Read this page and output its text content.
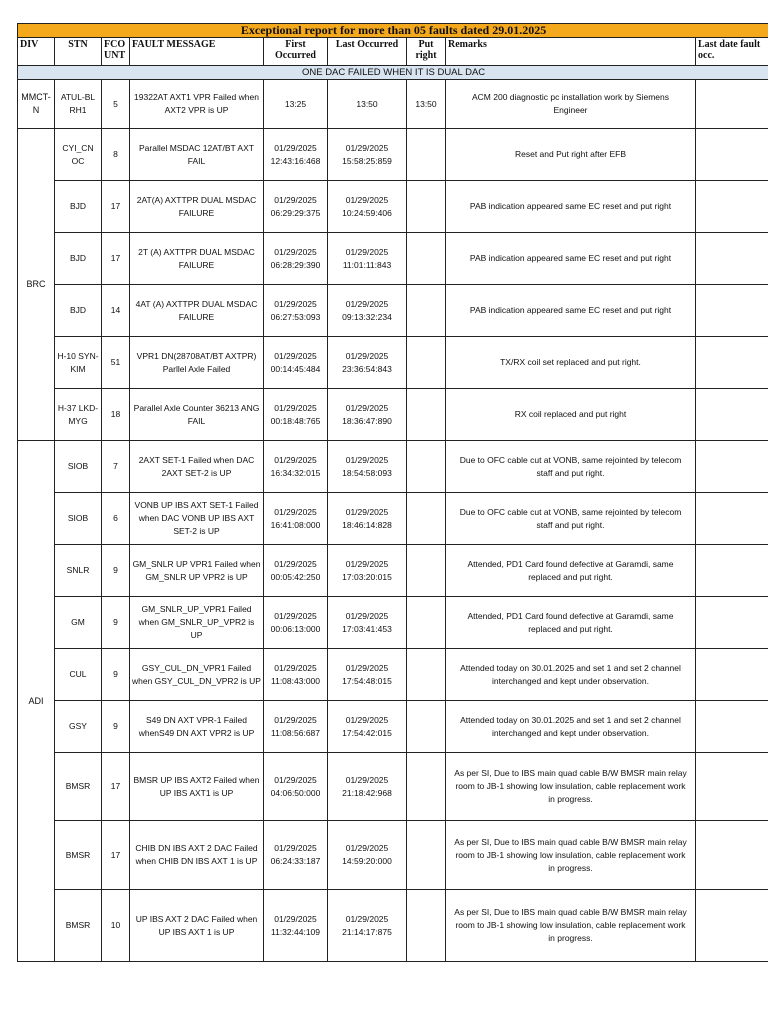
Exceptional report for more than 05 faults dated 29.01.2025								
DIV	STN	FCO UNT	FAULT MESSAGE	First Occurred	Last Occurred	Put right	Remarks	Last date fault occ.
ONE DAC FAILED WHEN IT IS DUAL DAC								
MMCT-N	ATUL-BL RH1	5	19322AT AXT1 VPR Failed when AXT2 VPR is UP	13:25	13:50	13:50	ACM 200 diagnostic pc installation work by Siemens Engineer	
BRC	CYI_CN OC	8	Parallel MSDAC 12AT/BT AXT FAIL	01/29/2025 12:43:16:468	01/29/2025 15:58:25:859		Reset and Put right after EFB	
	BJD	17	2AT(A) AXTTPR DUAL MSDAC FAILURE	01/29/2025 06:29:29:375	01/29/2025 10:24:59:406		PAB indication appeared same EC reset and put right	
	BJD	17	2T (A) AXTTPR DUAL MSDAC FAILURE	01/29/2025 06:28:29:390	01/29/2025 11:01:11:843		PAB indication appeared same EC reset and put right	
	BJD	14	4AT (A) AXTTPR DUAL MSDAC FAILURE	01/29/2025 06:27:53:093	01/29/2025 09:13:32:234		PAB indication appeared same EC reset and put right	
	H-10 SYN-KIM	51	VPR1 DN(28708AT/BT AXTPR) Parllel Axle Failed	01/29/2025 00:14:45:484	01/29/2025 23:36:54:843		TX/RX coil set replaced and put right.	
	H-37 LKD-MYG	18	Parallel Axle Counter 36213 ANG FAIL	01/29/2025 00:18:48:765	01/29/2025 18:36:47:890		RX coil replaced and put right	
ADI	SIOB	7	2AXT SET-1 Failed when DAC 2AXT SET-2 is UP	01/29/2025 16:34:32:015	01/29/2025 18:54:58:093		Due to OFC cable cut at VONB, same rejointed by telecom staff and put right.	
	SIOB	6	VONB UP IBS AXT SET-1 Failed when DAC VONB UP IBS AXT SET-2 is UP	01/29/2025 16:41:08:000	01/29/2025 18:46:14:828		Due to OFC cable cut at VONB, same rejointed by telecom staff and put right.	
	SNLR	9	GM_SNLR UP VPR1 Failed when GM_SNLR UP VPR2 is UP	01/29/2025 00:05:42:250	01/29/2025 17:03:20:015		Attended, PD1 Card found defective at Garamdi, same replaced and put right.	
	GM	9	GM_SNLR_UP_VPR1 Failed when GM_SNLR_UP_VPR2 is UP	01/29/2025 00:06:13:000	01/29/2025 17:03:41:453		Attended, PD1 Card found defective at Garamdi, same replaced and put right.	
	CUL	9	GSY_CUL_DN_VPR1 Failed when GSY_CUL_DN_VPR2 is UP	01/29/2025 11:08:43:000	01/29/2025 17:54:48:015		Attended today on 30.01.2025 and set 1 and set 2 channel interchanged and kept under observation.	
	GSY	9	S49 DN AXT VPR-1 Failed whenS49 DN AXT VPR2 is UP	01/29/2025 11:08:56:687	01/29/2025 17:54:42:015		Attended today on 30.01.2025 and set 1 and set 2 channel interchanged and kept under observation.	
	BMSR	17	BMSR UP IBS AXT2 Failed when UP IBS AXT1 is UP	01/29/2025 04:06:50:000	01/29/2025 21:18:42:968		As per SI, Due to IBS main quad cable B/W BMSR main relay room to JB-1 showing low insulation, cable replacement work in progress.	
	BMSR	17	CHIB DN IBS AXT 2 DAC Failed when CHIB DN IBS AXT 1 is UP	01/29/2025 06:24:33:187	01/29/2025 14:59:20:000		As per SI, Due to IBS main quad cable B/W BMSR main relay room to JB-1 showing low insulation, cable replacement work in progress.	
	BMSR	10	UP IBS AXT 2 DAC Failed when UP IBS AXT 1 is UP	01/29/2025 11:32:44:109	01/29/2025 21:14:17:875		As per SI, Due to IBS main quad cable B/W BMSR main relay room to JB-1 showing low insulation, cable replacement work in progress.	
